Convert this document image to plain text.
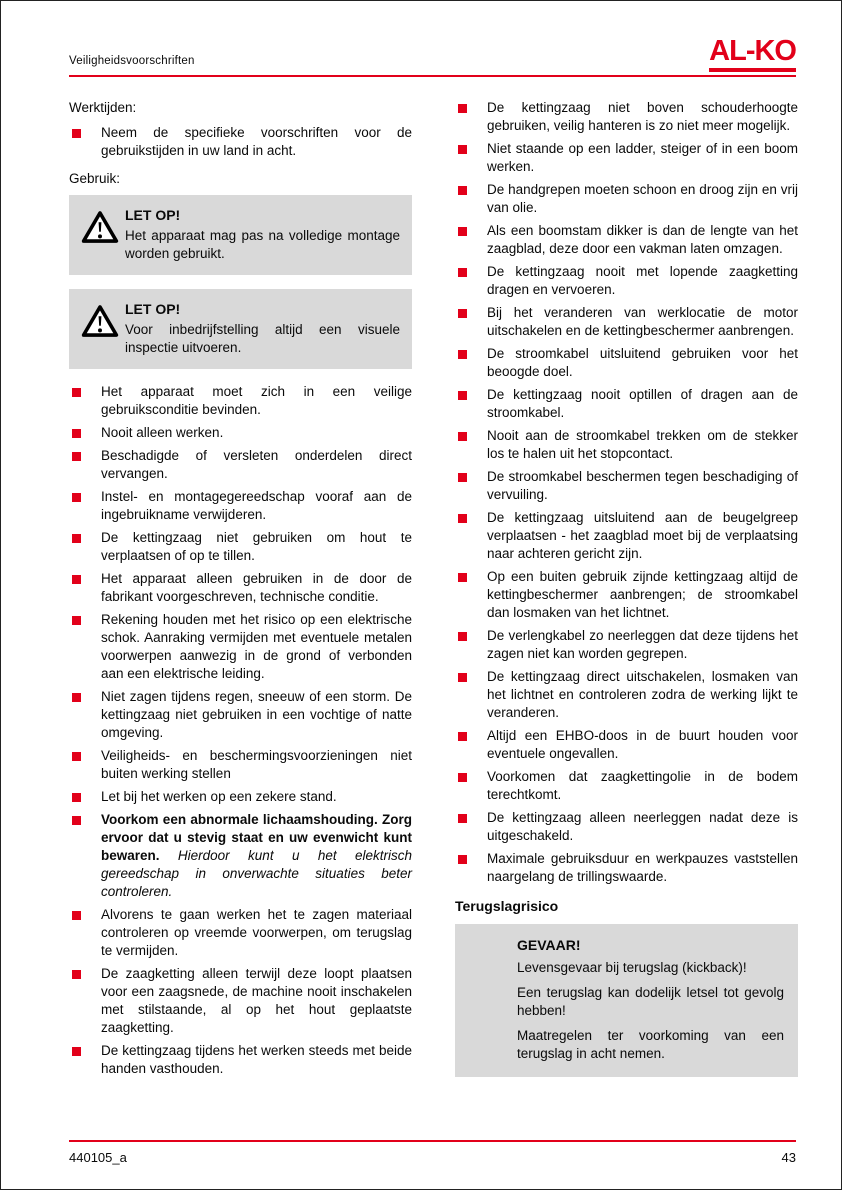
Veiligheidsvoorschriften	AL-KO

Werktijden:

Neem de specifieke voorschriften voor de gebruikstijden in uw land in acht.

Gebruik:

LET OP!

Het apparaat mag pas na volledige montage worden gebruikt.

LET OP!

Voor inbedrijfstelling altijd een visuele inspectie uitvoeren.

Het apparaat moet zich in een veilige gebruiksconditie bevinden.
Nooit alleen werken.
Beschadigde of versleten onderdelen direct vervangen.
Instel- en montagegereedschap vooraf aan de ingebruikname verwijderen.
De kettingzaag niet gebruiken om hout te verplaatsen of op te tillen.
Het apparaat alleen gebruiken in de door de fabrikant voorgeschreven, technische conditie.
Rekening houden met het risico op een elektrische schok. Aanraking vermijden met eventuele metalen voorwerpen aanwezig in de grond of verbonden aan een elektrische leiding.
Niet zagen tijdens regen, sneeuw of een storm. De kettingzaag niet gebruiken in een vochtige of natte omgeving.
Veiligheids- en beschermingsvoorzieningen niet buiten werking stellen
Let bij het werken op een zekere stand.
Voorkom een abnormale lichaamshouding. Zorg ervoor dat u stevig staat en uw evenwicht kunt bewaren. Hierdoor kunt u het elektrisch gereedschap in onverwachte situaties beter controleren.
Alvorens te gaan werken het te zagen materiaal controleren op vreemde voorwerpen, om terugslag te vermijden.
De zaagketting alleen terwijl deze loopt plaatsen voor een zaagsnede, de machine nooit inschakelen met stilstaande, al op het hout geplaatste zaagketting.
De kettingzaag tijdens het werken steeds met beide handen vasthouden.
De kettingzaag niet boven schouderhoogte gebruiken, veilig hanteren is zo niet meer mogelijk.
Niet staande op een ladder, steiger of in een boom werken.
De handgrepen moeten schoon en droog zijn en vrij van olie.
Als een boomstam dikker is dan de lengte van het zaagblad, deze door een vakman laten omzagen.
De kettingzaag nooit met lopende zaagketting dragen en vervoeren.
Bij het veranderen van werklocatie de motor uitschakelen en de kettingbeschermer aanbrengen.
De stroomkabel uitsluitend gebruiken voor het beoogde doel.
De kettingzaag nooit optillen of dragen aan de stroomkabel.
Nooit aan de stroomkabel trekken om de stekker los te halen uit het stopcontact.
De stroomkabel beschermen tegen beschadiging of vervuiling.
De kettingzaag uitsluitend aan de beugelgreep verplaatsen - het zaagblad moet bij de verplaatsing naar achteren gericht zijn.
Op een buiten gebruik zijnde kettingzaag altijd de kettingbeschermer aanbrengen; de stroomkabel dan losmaken van het lichtnet.
De verlengkabel zo neerleggen dat deze tijdens het zagen niet kan worden gegrepen.
De kettingzaag direct uitschakelen, losmaken van het lichtnet en controleren zodra de werking lijkt te veranderen.
Altijd een EHBO-doos in de buurt houden voor eventuele ongevallen.
Voorkomen dat zaagkettingolie in de bodem terechtkomt.
De kettingzaag alleen neerleggen nadat deze is uitgeschakeld.
Maximale gebruiksduur en werkpauzes vaststellen naargelang de trillingswaarde.
Terugslagrisico

GEVAAR!

Levensgevaar bij terugslag (kickback)!
Een terugslag kan dodelijk letsel tot gevolg hebben!
Maatregelen ter voorkoming van een terugslag in acht nemen.
440105_a	43
